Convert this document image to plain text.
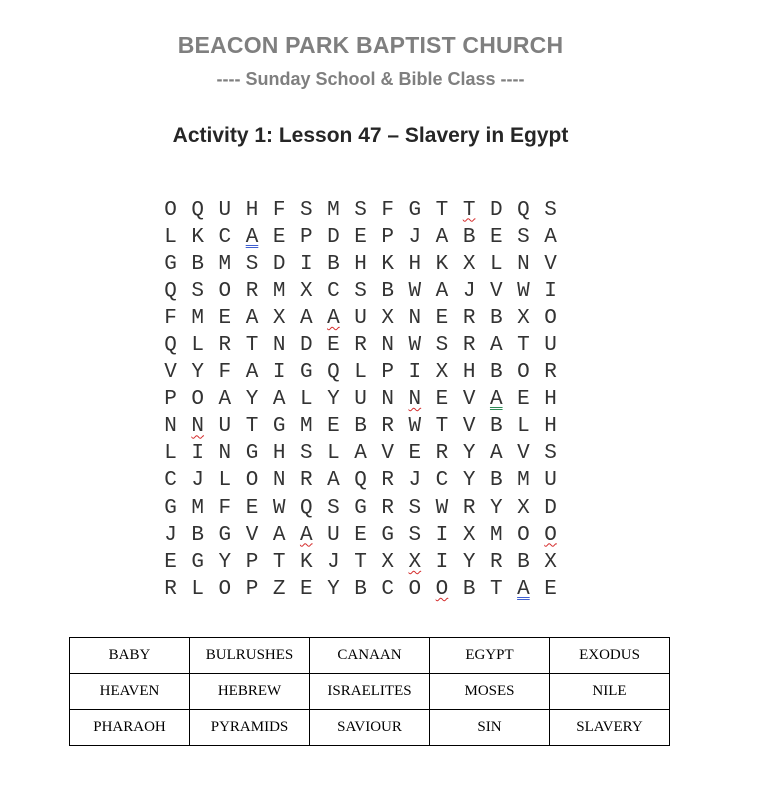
BEACON PARK BAPTIST CHURCH
---- Sunday School & Bible Class ----
Activity 1: Lesson 47 – Slavery in Egypt
O Q U H F S M S F G T T D Q S
L K C A E P D E P J A B E S A
G B M S D I B H K H K X L N V
Q S O R M X C S B W A J V W I
F M E A X A A U X N E R B X O
Q L R T N D E R N W S R A T U
V Y F A I G Q L P I X H B O R
P O A Y A L Y U N N E V A E H
N N U T G M E B R W T V B L H
L I N G H S L A V E R Y A V S
C J L O N R A Q R J C Y B M U
G M F E W Q S G R S W R Y X D
J B G V A A U E G S I X M O O
E G Y P T K J T X X I Y R B X
R L O P Z E Y B C O O B T A E
BABY	BULRUSHES	CANAAN	EGYPT	EXODUS
HEAVEN	HEBREW	ISRAELITES	MOSES	NILE
PHARAOH	PYRAMIDS	SAVIOUR	SIN	SLAVERY
